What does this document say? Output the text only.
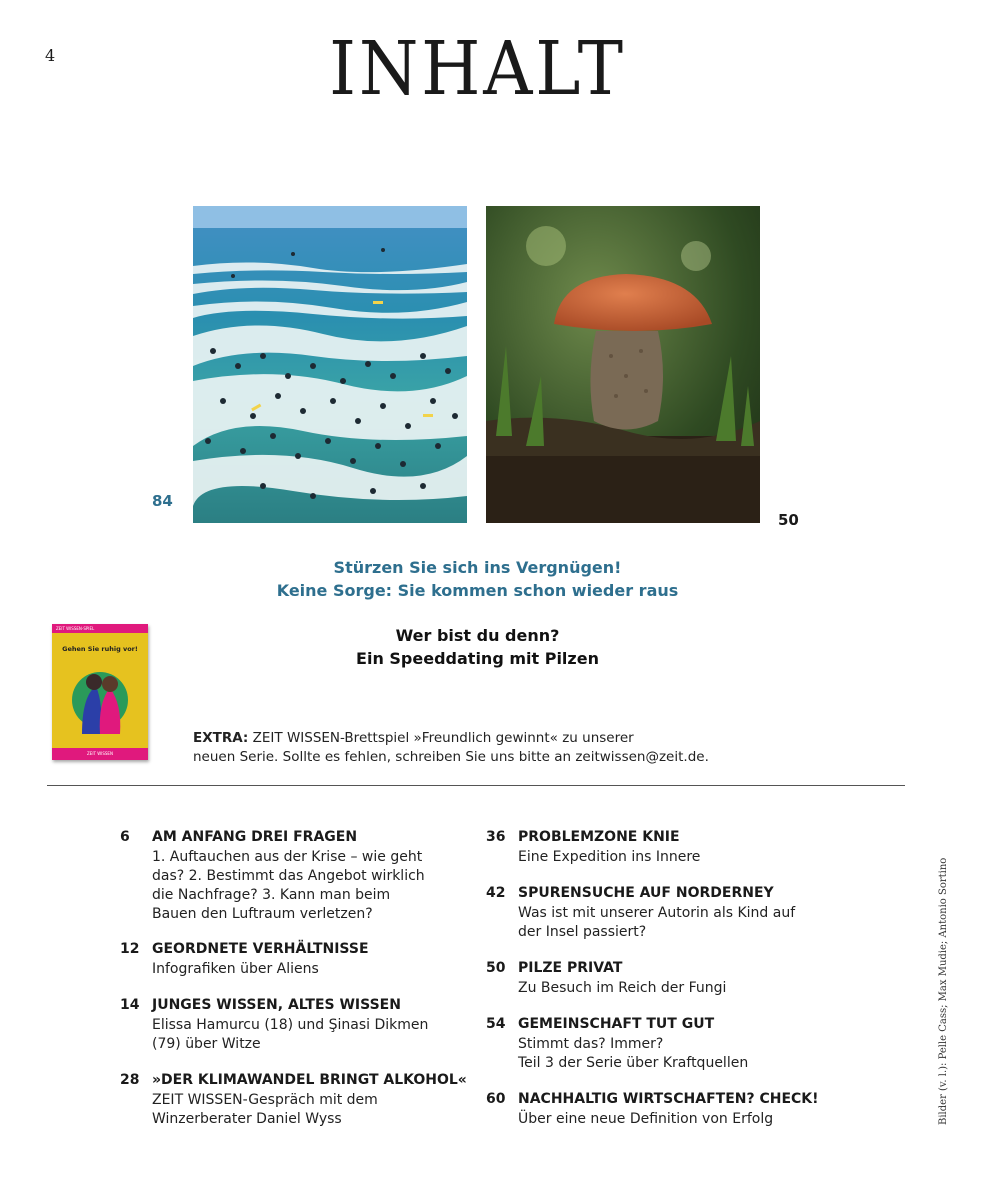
4	INHALT
84
50
Stürzen Sie sich ins Vergnügen!
Keine Sorge: Sie kommen schon wieder raus
Wer bist du denn?
Ein Speeddating mit Pilzen
ZEIT WISSEN-SPIEL
Gehen Sie ruhig vor!
ZEIT WISSEN
EXTRA: ZEIT WISSEN-Brettspiel »Freundlich gewinnt« zu unserer
neuen Serie. Sollte es fehlen, schreiben Sie uns bitte an zeitwissen@zeit.de.
6 AM ANFANG DREI FRAGEN
1. Auftauchen aus der Krise – wie geht
das? 2. Bestimmt das Angebot wirklich
die Nachfrage? 3. Kann man beim
Bauen den Luftraum verletzen?
12 GEORDNETE VERHÄLTNISSE
Infografiken über Aliens
14 JUNGES WISSEN, ALTES WISSEN
Elissa Hamurcu (18) und Şinasi Dikmen
(79) über Witze
28 »DER KLIMAWANDEL BRINGT ALKOHOL«
ZEIT WISSEN-Gespräch mit dem
Winzerberater Daniel Wyss
36 PROBLEMZONE KNIE
Eine Expedition ins Innere
42 SPURENSUCHE AUF NORDERNEY
Was ist mit unserer Autorin als Kind auf
der Insel passiert?
50 PILZE PRIVAT
Zu Besuch im Reich der Fungi
54 GEMEINSCHAFT TUT GUT
Stimmt das? Immer?
Teil 3 der Serie über Kraftquellen
60 NACHHALTIG WIRTSCHAFTEN? CHECK!
Über eine neue Definition von Erfolg	Bilder (v. l.): Pelle Cass; Max Mudie; Antonio Sortino
